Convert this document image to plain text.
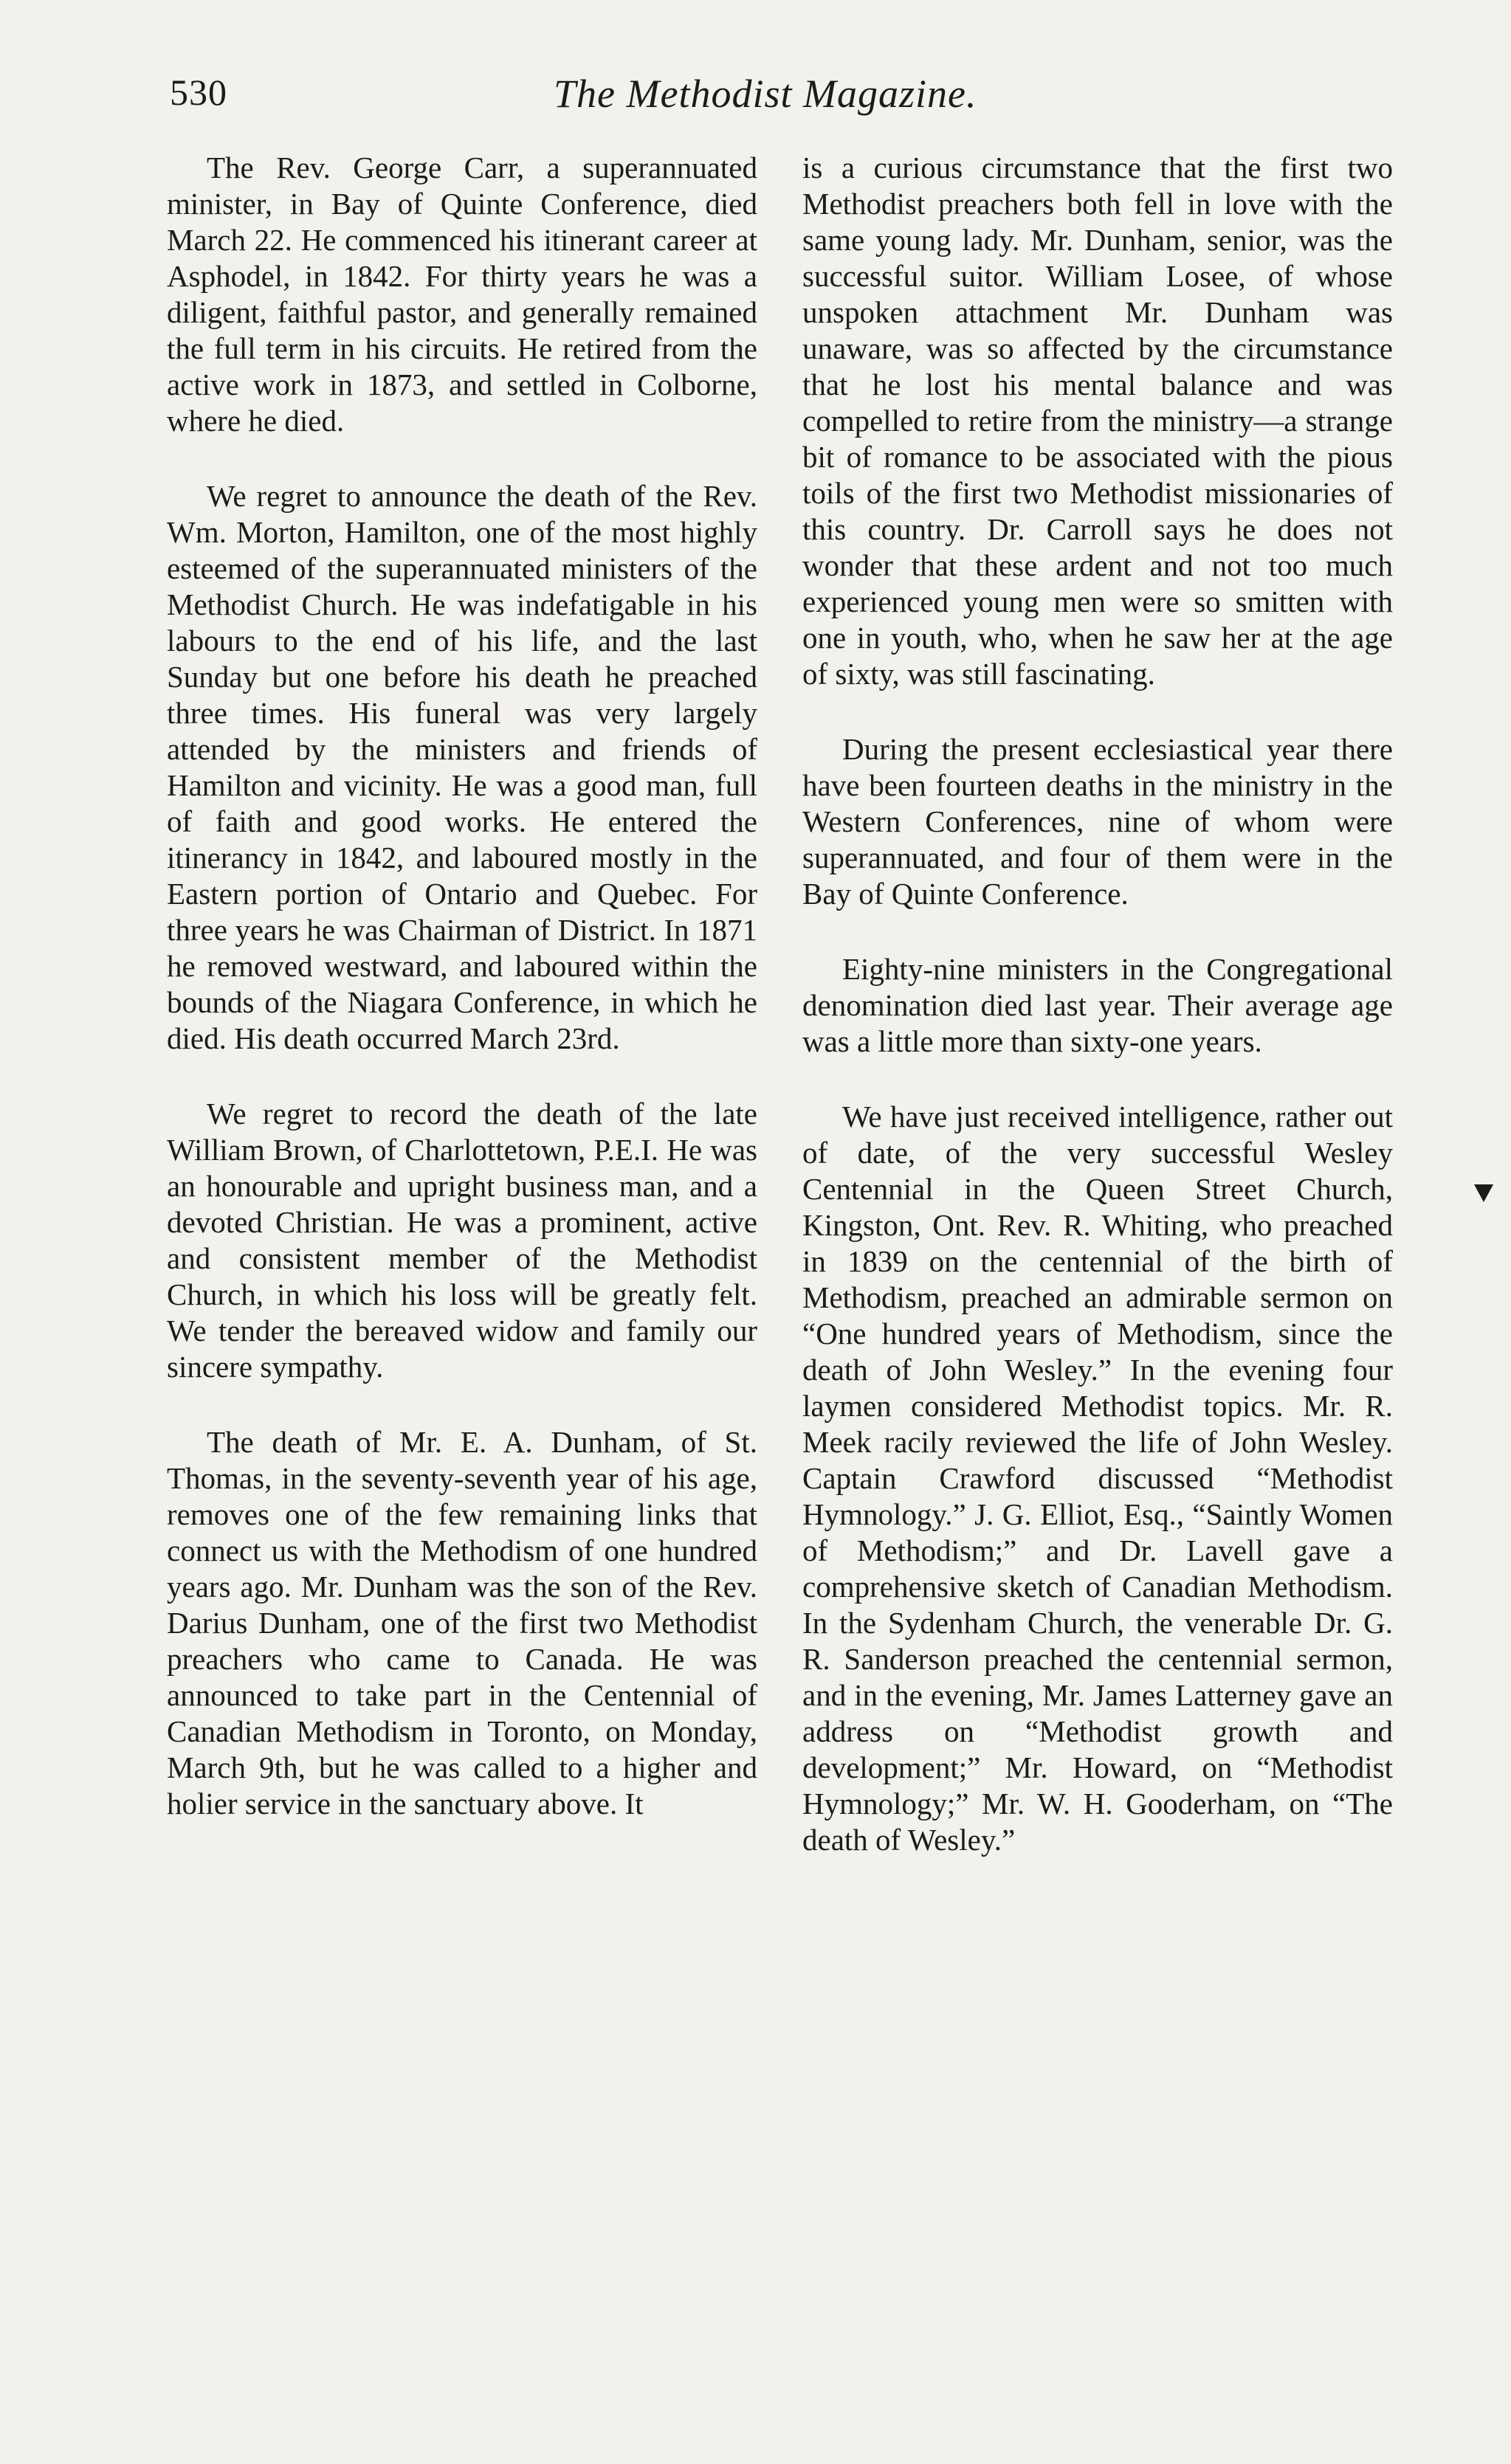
530	The Methodist Magazine.

The Rev. George Carr, a superannuated minister, in Bay of Quinte Conference, died March 22. He commenced his itinerant career at Asphodel, in 1842. For thirty years he was a diligent, faithful pastor, and generally remained the full term in his circuits. He retired from the active work in 1873, and settled in Colborne, where he died.

We regret to announce the death of the Rev. Wm. Morton, Hamilton, one of the most highly esteemed of the superannuated ministers of the Methodist Church. He was indefatigable in his labours to the end of his life, and the last Sunday but one before his death he preached three times. His funeral was very largely attended by the ministers and friends of Hamilton and vicinity. He was a good man, full of faith and good works. He entered the itinerancy in 1842, and laboured mostly in the Eastern portion of Ontario and Quebec. For three years he was Chairman of District. In 1871 he removed westward, and laboured within the bounds of the Niagara Conference, in which he died. His death occurred March 23rd.

We regret to record the death of the late William Brown, of Charlottetown, P.E.I. He was an honourable and upright business man, and a devoted Christian. He was a prominent, active and consistent member of the Methodist Church, in which his loss will be greatly felt. We tender the bereaved widow and family our sincere sympathy.

The death of Mr. E. A. Dunham, of St. Thomas, in the seventy-seventh year of his age, removes one of the few remaining links that connect us with the Methodism of one hundred years ago. Mr. Dunham was the son of the Rev. Darius Dunham, one of the first two Methodist preachers who came to Canada. He was announced to take part in the Centennial of Canadian Methodism in Toronto, on Monday, March 9th, but he was called to a higher and holier service in the sanctuary above. It

is a curious circumstance that the first two Methodist preachers both fell in love with the same young lady. Mr. Dunham, senior, was the successful suitor. William Losee, of whose unspoken attachment Mr. Dunham was unaware, was so affected by the circumstance that he lost his mental balance and was compelled to retire from the ministry—a strange bit of romance to be associated with the pious toils of the first two Methodist missionaries of this country. Dr. Carroll says he does not wonder that these ardent and not too much experienced young men were so smitten with one in youth, who, when he saw her at the age of sixty, was still fascinating.

During the present ecclesiastical year there have been fourteen deaths in the ministry in the Western Conferences, nine of whom were superannuated, and four of them were in the Bay of Quinte Conference.

Eighty-nine ministers in the Congregational denomination died last year. Their average age was a little more than sixty-one years.

We have just received intelligence, rather out of date, of the very successful Wesley Centennial in the Queen Street Church, Kingston, Ont. Rev. R. Whiting, who preached in 1839 on the centennial of the birth of Methodism, preached an admirable sermon on “One hundred years of Methodism, since the death of John Wesley.” In the evening four laymen considered Methodist topics. Mr. R. Meek racily reviewed the life of John Wesley. Captain Crawford discussed “Methodist Hymnology.” J. G. Elliot, Esq., “Saintly Women of Methodism;” and Dr. Lavell gave a comprehensive sketch of Canadian Methodism. In the Sydenham Church, the venerable Dr. G. R. Sanderson preached the centennial sermon, and in the evening, Mr. James Latterney gave an address on “Methodist growth and development;” Mr. Howard, on “Methodist Hymnology;” Mr. W. H. Gooderham, on “The death of Wesley.”
